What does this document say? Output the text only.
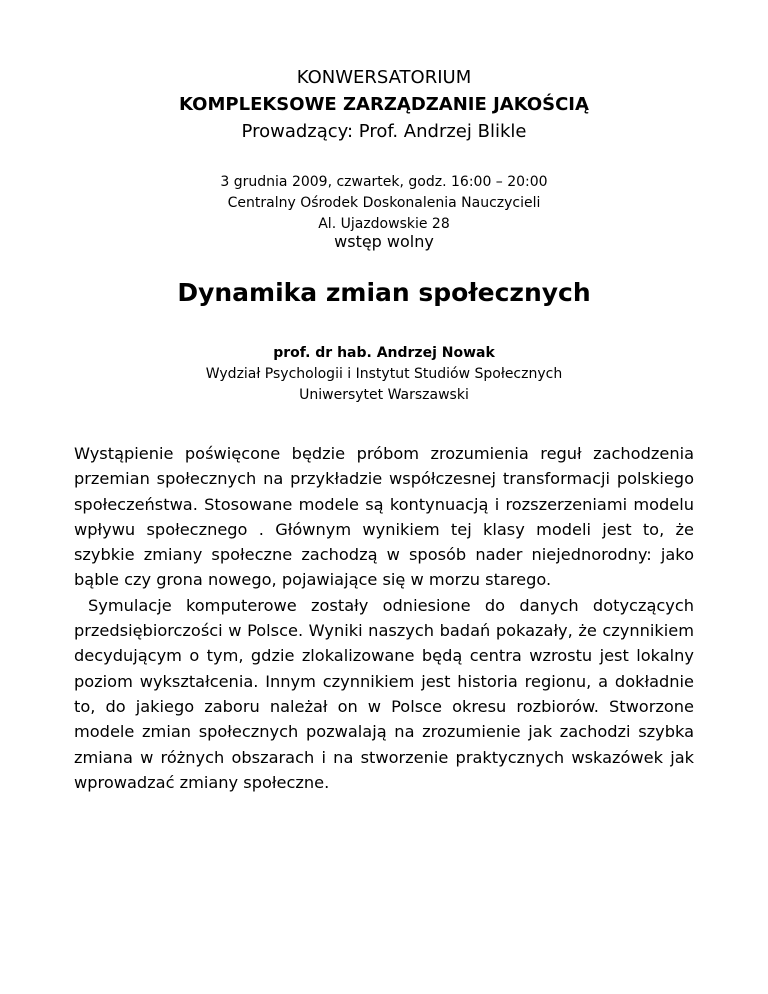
KONWERSATORIUM
KOMPLEKSOWE ZARZĄDZANIE JAKOŚCIĄ
Prowadzący: Prof. Andrzej Blikle
3 grudnia 2009, czwartek, godz. 16:00 – 20:00
Centralny Ośrodek Doskonalenia Nauczycieli
Al. Ujazdowskie 28
wstęp wolny
Dynamika zmian społecznych
prof. dr hab. Andrzej Nowak
Wydział Psychologii i Instytut Studiów Społecznych
Uniwersytet Warszawski

Wystąpienie poświęcone będzie próbom zrozumienia reguł zachodzenia przemian społecznych na przykładzie współczesnej transformacji polskiego społeczeństwa. Stosowane modele są kontynuacją i rozszerzeniami modelu wpływu społecznego . Głównym wynikiem tej klasy modeli jest to, że szybkie zmiany społeczne zachodzą w sposób nader niejednorodny: jako bąble czy grona nowego, pojawiające się w morzu starego.

Symulacje komputerowe zostały odniesione do danych dotyczących przedsiębiorczości w Polsce. Wyniki naszych badań pokazały, że czynnikiem decydującym o tym, gdzie zlokalizowane będą centra wzrostu jest lokalny poziom wykształcenia. Innym czynnikiem jest historia regionu, a dokładnie to, do jakiego zaboru należał on w Polsce okresu rozbiorów. Stworzone modele zmian społecznych pozwalają na zrozumienie jak zachodzi szybka zmiana w różnych obszarach i na stworzenie praktycznych wskazówek jak wprowadzać zmiany społeczne.
